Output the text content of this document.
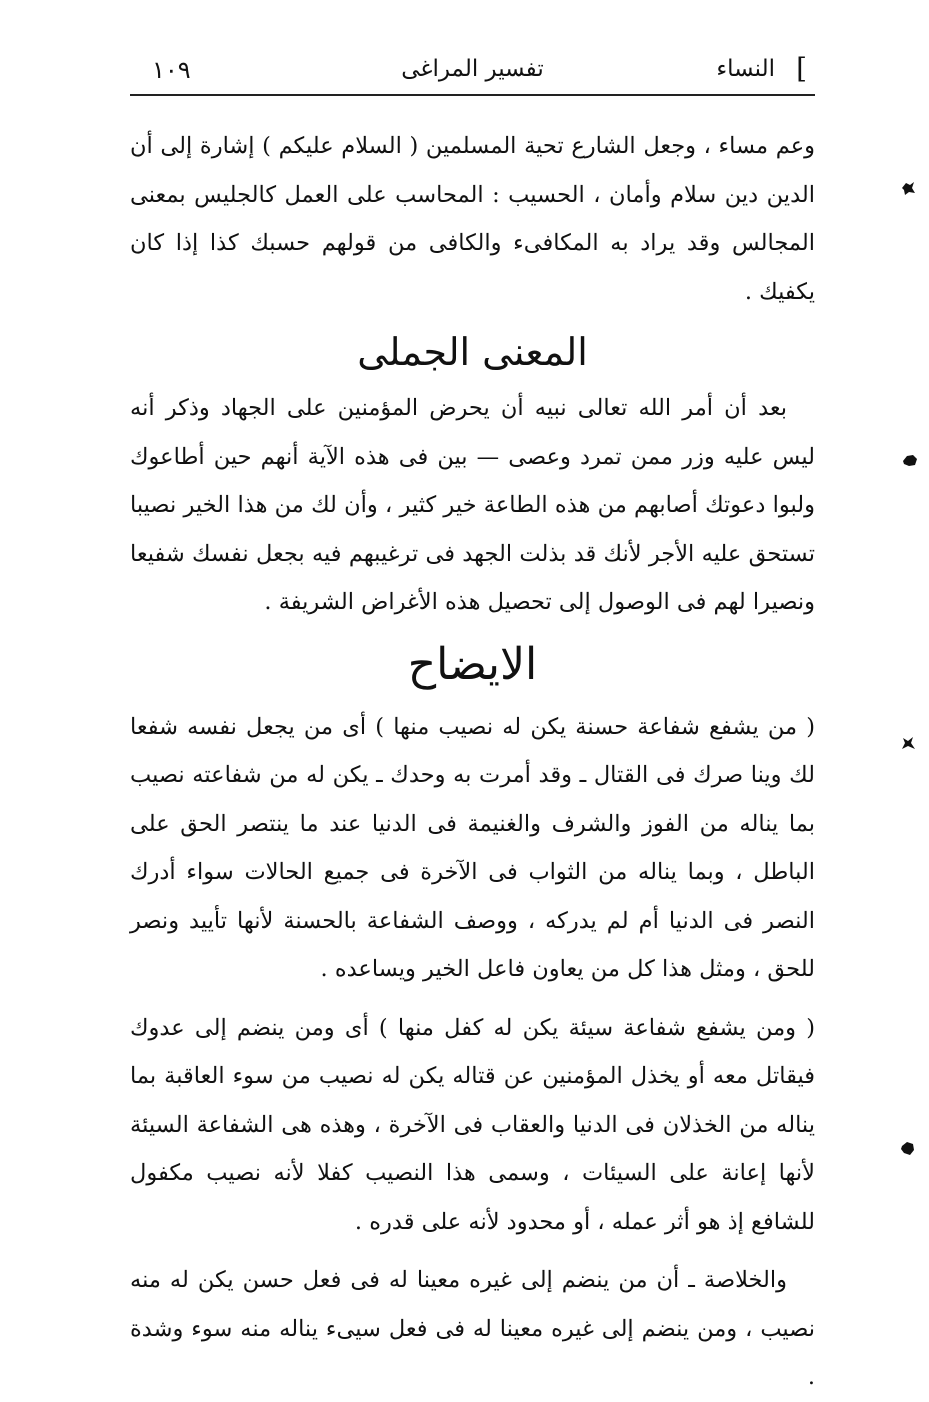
]
النساء
تفسير المراغى
١٠٩

وعم مساء ، وجعل الشارع تحية المسلمين ( السلام عليكم ) إشارة إلى أن الدين دين سلام وأمان ، الحسيب : المحاسب على العمل كالجليس بمعنى المجالس وقد يراد به المكافىء والكافى من قولهم حسبك كذا إذا كان يكفيك .

المعنى الجملى

بعد أن أمر الله تعالى نبيه أن يحرض المؤمنين على الجهاد وذكر أنه ليس عليه وزر ممن تمرد وعصى — بين فى هذه الآية أنهم حين أطاعوك ولبوا دعوتك أصابهم من هذه الطاعة خير كثير ، وأن لك من هذا الخير نصيبا تستحق عليه الأجر لأنك قد بذلت الجهد فى ترغيبهم فيه بجعل نفسك شفيعا ونصيرا لهم فى الوصول إلى تحصيل هذه الأغراض الشريفة .

الايضاح

( من يشفع شفاعة حسنة يكن له نصيب منها ) أى من يجعل نفسه شفعا لك وينا صرك فى القتال ـ وقد أمرت به وحدك ـ يكن له من شفاعته نصيب بما يناله من الفوز والشرف والغنيمة فى الدنيا عند ما ينتصر الحق على الباطل ، وبما يناله من الثواب فى الآخرة فى جميع الحالات سواء أدرك النصر فى الدنيا أم لم يدركه ، ووصف الشفاعة بالحسنة لأنها تأييد ونصر للحق ، ومثل هذا كل من يعاون فاعل الخير ويساعده .

( ومن يشفع شفاعة سيئة يكن له كفل منها ) أى ومن ينضم إلى عدوك فيقاتل معه أو يخذل المؤمنين عن قتاله يكن له نصيب من سوء العاقبة بما يناله من الخذلان فى الدنيا والعقاب فى الآخرة ، وهذه هى الشفاعة السيئة لأنها إعانة على السيئات ، وسمى هذا النصيب كفلا لأنه نصيب مكفول للشافع إذ هو أثر عمله ، أو محدود لأنه على قدره .

والخلاصة ـ أن من ينضم إلى غيره معينا له فى فعل حسن يكن له منه نصيب ، ومن ينضم إلى غيره معينا له فى فعل سيىء يناله منه سوء وشدة .
